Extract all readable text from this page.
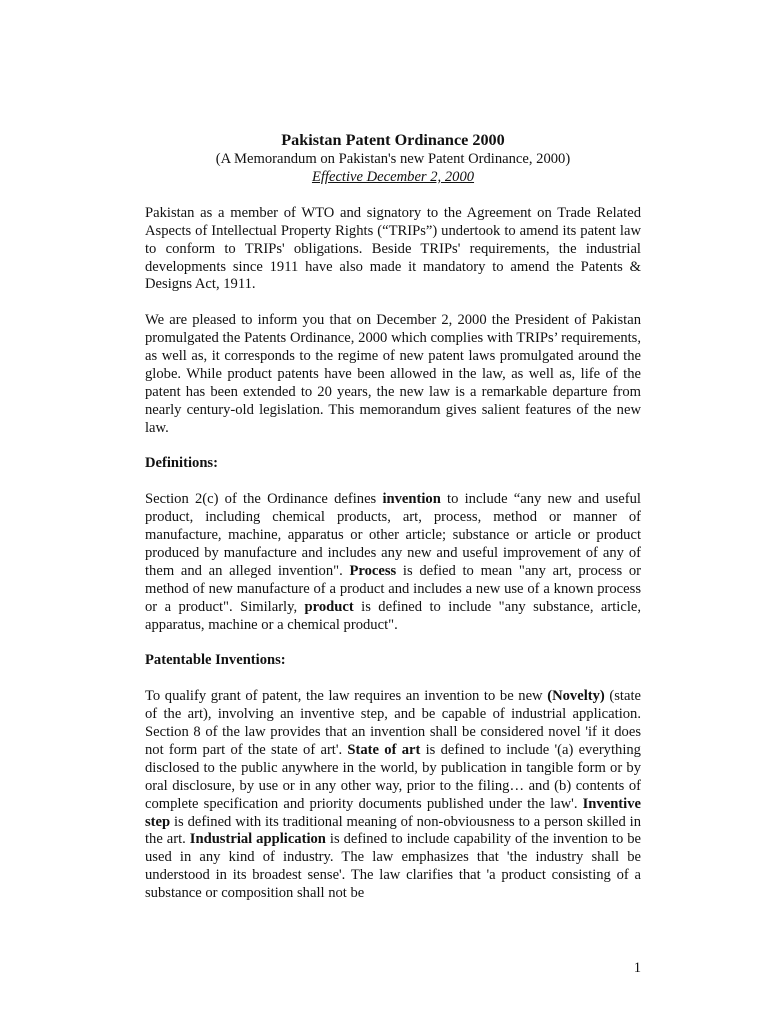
Pakistan Patent Ordinance 2000
(A Memorandum on Pakistan's new Patent Ordinance, 2000)
Effective December 2, 2000

Pakistan as a member of WTO and signatory to the Agreement on Trade Related Aspects of Intellectual Property Rights (“TRIPs”) undertook to amend its patent law to conform to TRIPs' obligations. Beside TRIPs' requirements, the industrial developments since 1911 have also made it mandatory to amend the Patents & Designs Act, 1911.

We are pleased to inform you that on December 2, 2000 the President of Pakistan promulgated the Patents Ordinance, 2000 which complies with TRIPs’ requirements, as well as, it corresponds to the regime of new patent laws promulgated around the globe. While product patents have been allowed in the law, as well as, life of the patent has been extended to 20 years, the new law is a remarkable departure from nearly century-old legislation. This memorandum gives salient features of the new law.

Definitions:

Section 2(c) of the Ordinance defines invention to include “any new and useful product, including chemical products, art, process, method or manner of manufacture, machine, apparatus or other article; substance or article or product produced by manufacture and includes any new and useful improvement of any of them and an alleged invention". Process is defied to mean "any art, process or method of new manufacture of a product and includes a new use of a known process or a product". Similarly, product is defined to include "any substance, article, apparatus, machine or a chemical product".

Patentable Inventions:

To qualify grant of patent, the law requires an invention to be new (Novelty) (state of the art), involving an inventive step, and be capable of industrial application. Section 8 of the law provides that an invention shall be considered novel 'if it does not form part of the state of art'. State of art is defined to include '(a) everything disclosed to the public anywhere in the world, by publication in tangible form or by oral disclosure, by use or in any other way, prior to the filing… and (b) contents of complete specification and priority documents published under the law'. Inventive step is defined with its traditional meaning of non-obviousness to a person skilled in the art. Industrial application is defined to include capability of the invention to be used in any kind of industry. The law emphasizes that 'the industry shall be understood in its broadest sense'. The law clarifies that 'a product consisting of a substance or composition shall not be

1
